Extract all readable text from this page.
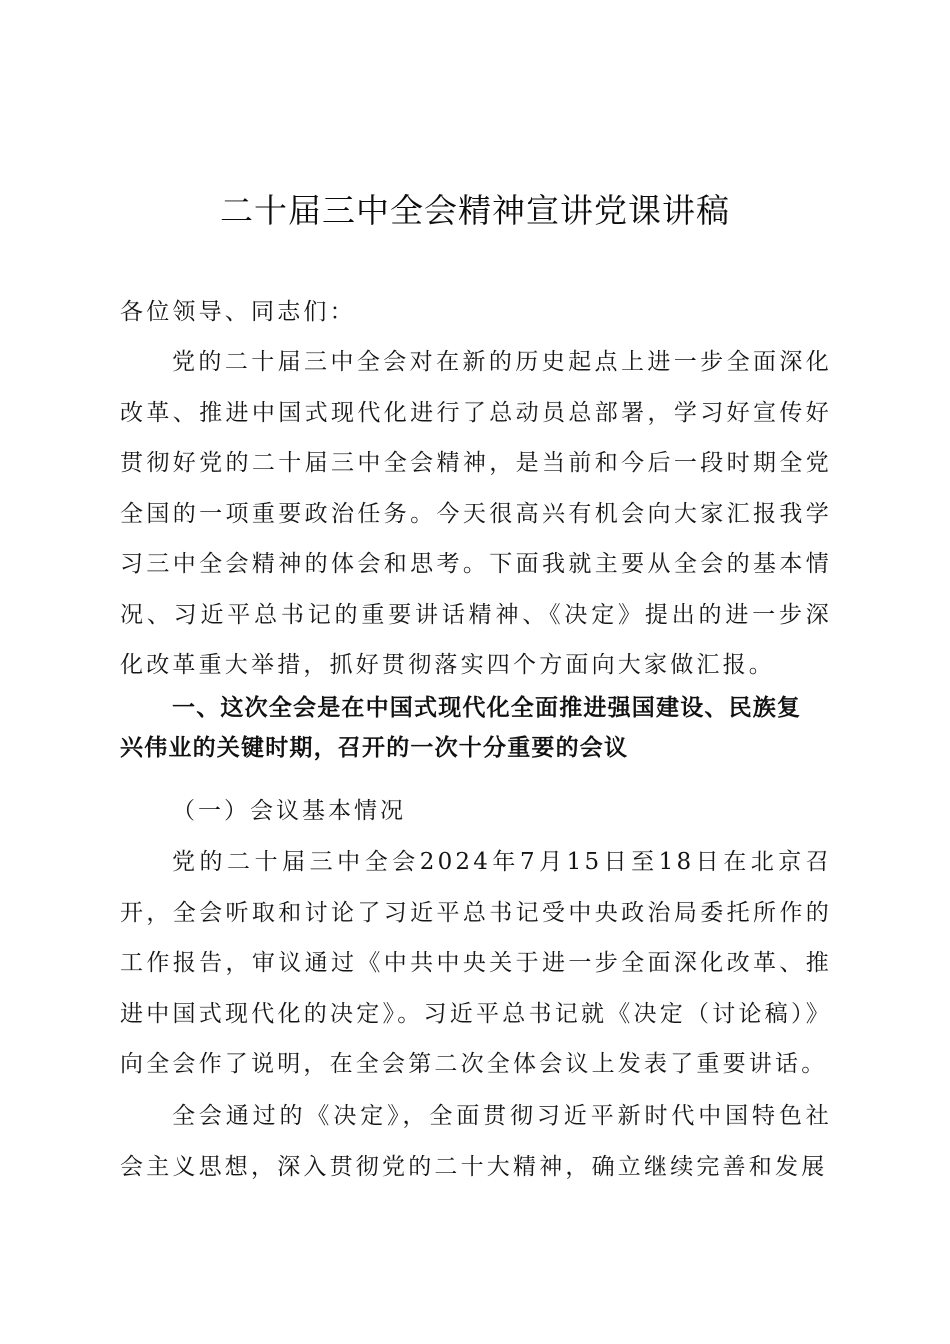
二十届三中全会精神宣讲党课讲稿

各位领导、同志们：

党的二十届三中全会对在新的历史起点上进一步全面深化改革、推进中国式现代化进行了总动员总部署，学习好宣传好贯彻好党的二十届三中全会精神，是当前和今后一段时期全党全国的一项重要政治任务。今天很高兴有机会向大家汇报我学习三中全会精神的体会和思考。下面我就主要从全会的基本情况、习近平总书记的重要讲话精神、《决定》提出的进一步深化改革重大举措，抓好贯彻落实四个方面向大家做汇报。

一、这次全会是在中国式现代化全面推进强国建设、民族复兴伟业的关键时期，召开的一次十分重要的会议

（一）会议基本情况

党的二十届三中全会2024年7月15日至18日在北京召开，全会听取和讨论了习近平总书记受中央政治局委托所作的工作报告，审议通过《中共中央关于进一步全面深化改革、推进中国式现代化的决定》。习近平总书记就《决定（讨论稿）》向全会作了说明，在全会第二次全体会议上发表了重要讲话。

全会通过的《决定》，全面贯彻习近平新时代中国特色社会主义思想，深入贯彻党的二十大精神，确立继续完善和发展
